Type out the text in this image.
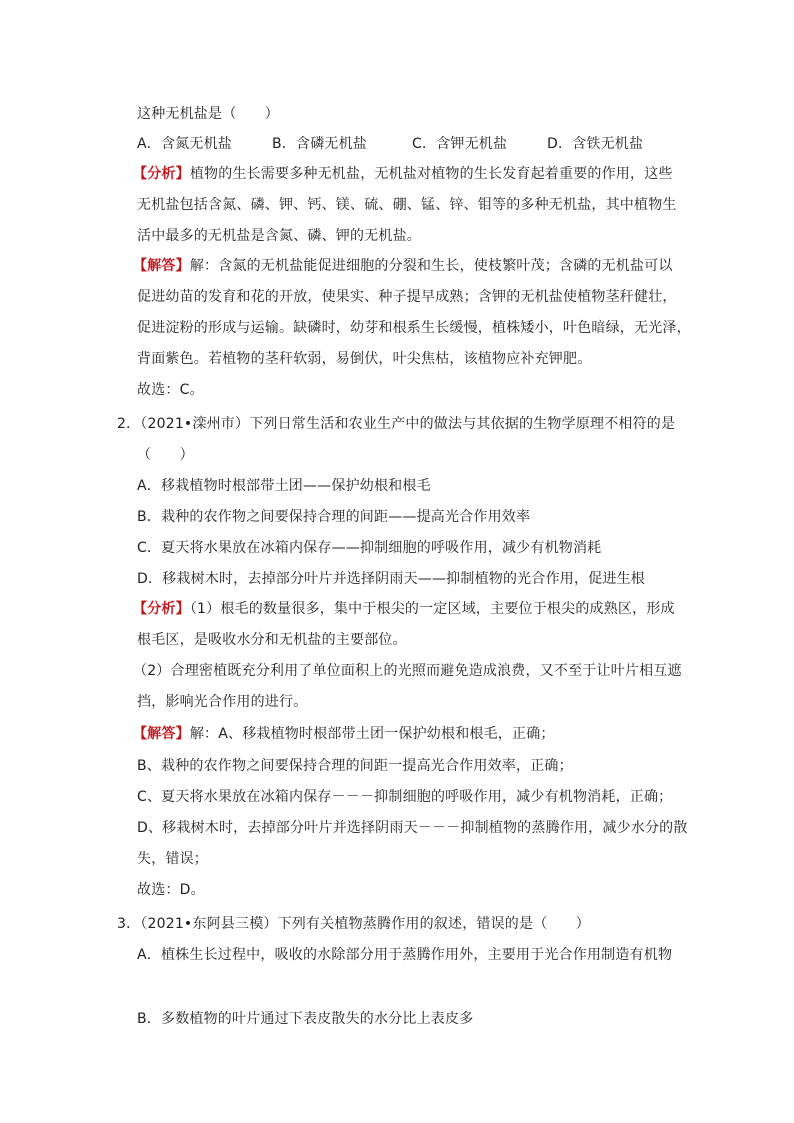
这种无机盐是（　　）
A．含氮无机盐	B．含磷无机盐	C．含钾无机盐	D．含铁无机盐
【分析】植物的生长需要多种无机盐，无机盐对植物的生长发育起着重要的作用，这些
无机盐包括含氮、磷、钾、钙、镁、硫、硼、锰、锌、钼等的多种无机盐，其中植物生
活中最多的无机盐是含氮、磷、钾的无机盐。
【解答】解：含氮的无机盐能促进细胞的分裂和生长，使枝繁叶茂；含磷的无机盐可以
促进幼苗的发育和花的开放，使果实、种子提早成熟；含钾的无机盐使植物茎秆健壮，
促进淀粉的形成与运输。缺磷时，幼芽和根系生长缓慢，植株矮小，叶色暗绿，无光泽，
背面紫色。若植物的茎秆软弱，易倒伏，叶尖焦枯，该植物应补充钾肥。
故选：C。
2．（2021•滦州市）下列日常生活和农业生产中的做法与其依据的生物学原理不相符的是
（　　）
A．移栽植物时根部带土团——保护幼根和根毛
B．栽种的农作物之间要保持合理的间距——提高光合作用效率
C．夏天将水果放在冰箱内保存——抑制细胞的呼吸作用，减少有机物消耗
D．移栽树木时，去掉部分叶片并选择阴雨天——抑制植物的光合作用，促进生根
【分析】（1）根毛的数量很多，集中于根尖的一定区域，主要位于根尖的成熟区，形成
根毛区，是吸收水分和无机盐的主要部位。
（2）合理密植既充分利用了单位面积上的光照而避免造成浪费，又不至于让叶片相互遮
挡，影响光合作用的进行。
【解答】解：A、移栽植物时根部带土团一保护幼根和根毛，正确；
B、栽种的农作物之间要保持合理的间距一提高光合作用效率，正确；
C、夏天将水果放在冰箱内保存－－－抑制细胞的呼吸作用，减少有机物消耗，正确；
D、移栽树木时，去掉部分叶片并选择阴雨天－－－抑制植物的蒸腾作用，减少水分的散
失，错误；
故选：D。
3．（2021•东阿县三模）下列有关植物蒸腾作用的叙述，错误的是（　　）
A．植株生长过程中，吸收的水除部分用于蒸腾作用外，主要用于光合作用制造有机物
B．多数植物的叶片通过下表皮散失的水分比上表皮多
